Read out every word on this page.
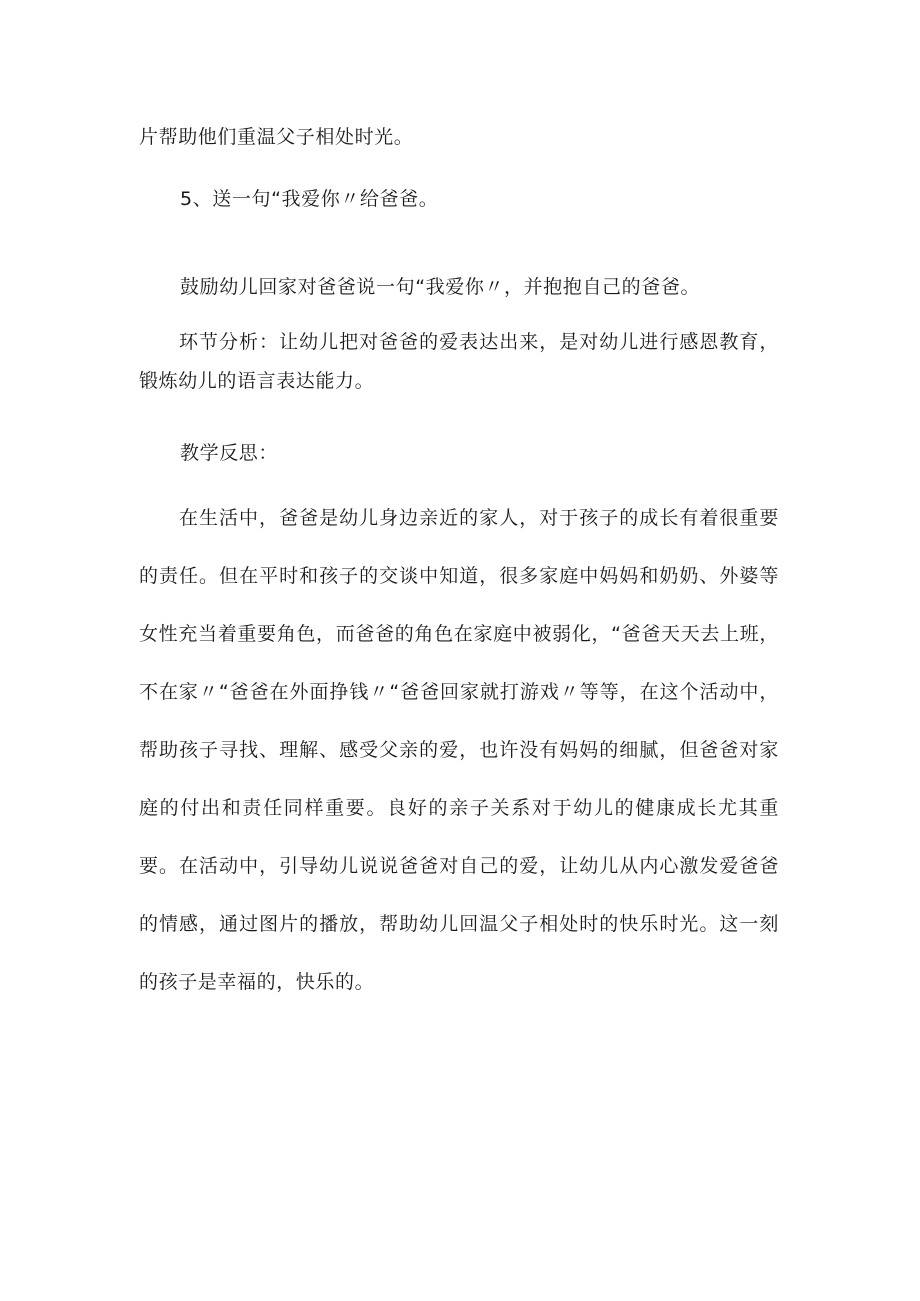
片帮助他们重温父子相处时光。
5、送一句“我爱你〃给爸爸。
鼓励幼儿回家对爸爸说一句“我爱你〃，并抱抱自己的爸爸。

环节分析：让幼儿把对爸爸的爱表达出来，是对幼儿进行感恩教育，锻炼幼儿的语言表达能力。

教学反思：

在生活中，爸爸是幼儿身边亲近的家人，对于孩子的成长有着很重要的责任。但在平时和孩子的交谈中知道，很多家庭中妈妈和奶奶、外婆等女性充当着重要角色，而爸爸的角色在家庭中被弱化，“爸爸天天去上班，不在家〃“爸爸在外面挣钱〃“爸爸回家就打游戏〃等等，在这个活动中，帮助孩子寻找、理解、感受父亲的爱，也许没有妈妈的细腻，但爸爸对家庭的付出和责任同样重要。良好的亲子关系对于幼儿的健康成长尤其重要。在活动中，引导幼儿说说爸爸对自己的爱，让幼儿从内心激发爱爸爸的情感，通过图片的播放，帮助幼儿回温父子相处时的快乐时光。这一刻的孩子是幸福的，快乐的。
